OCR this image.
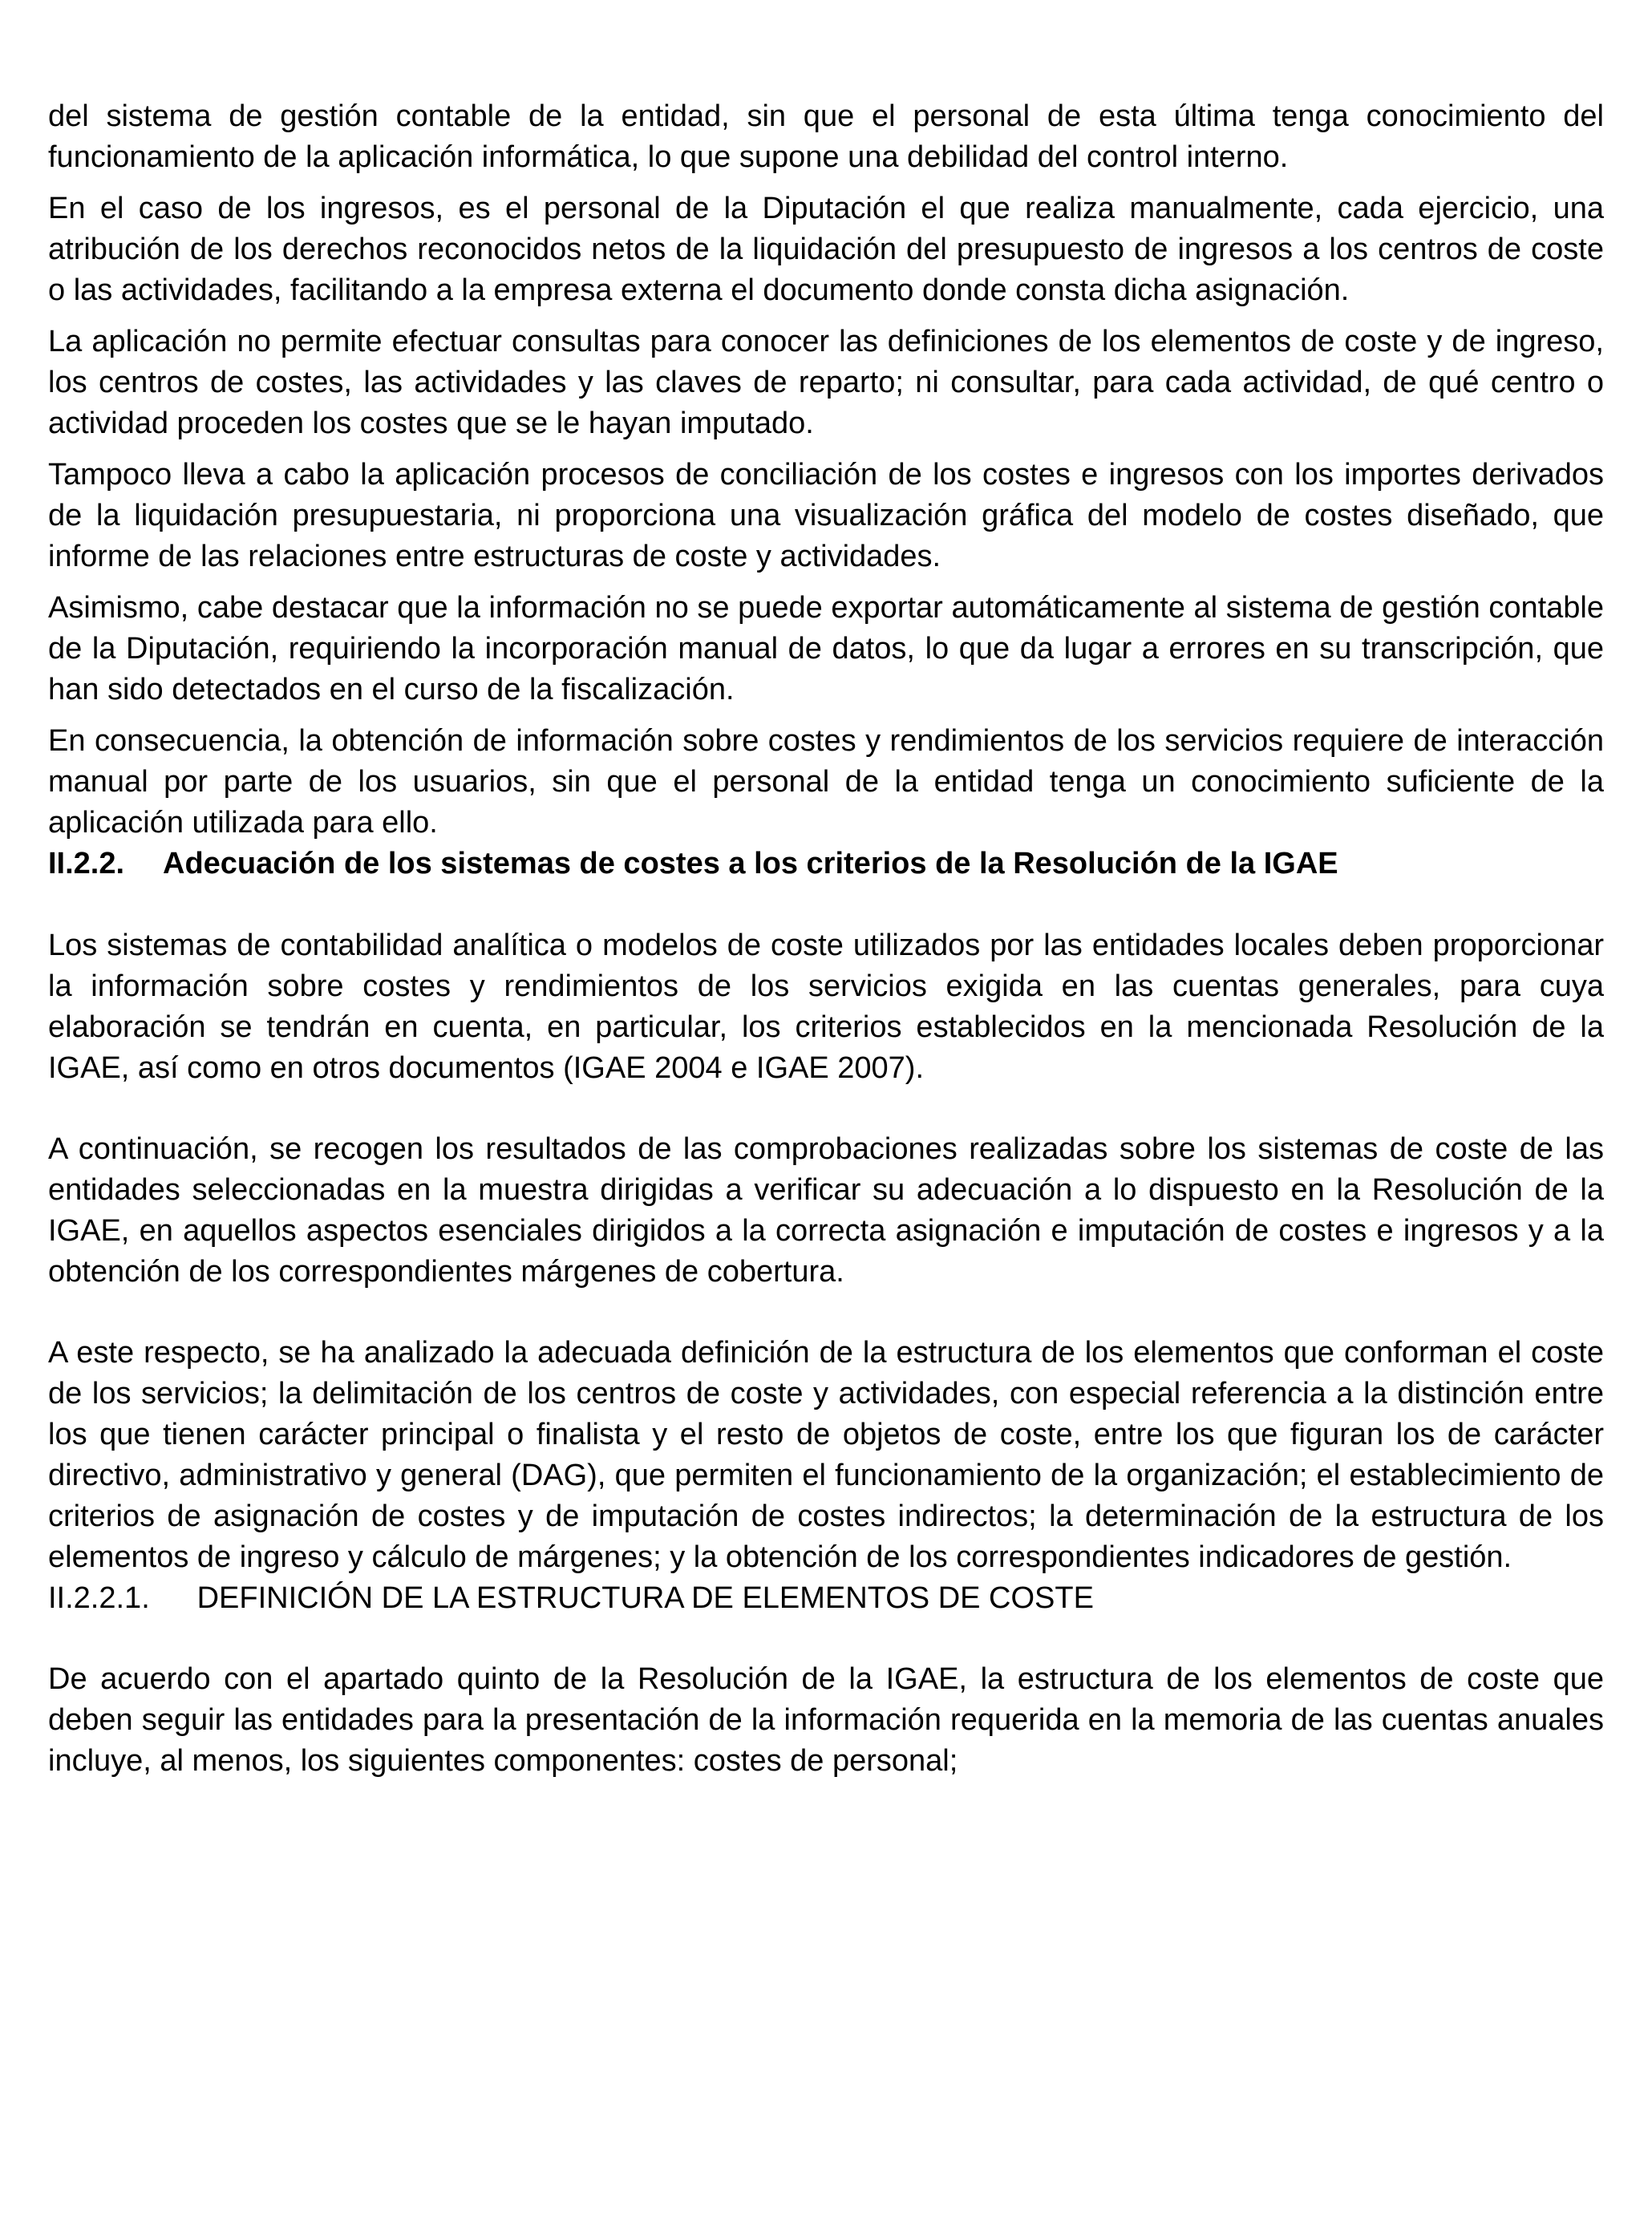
del sistema de gestión contable de la entidad, sin que el personal de esta última tenga conocimiento del funcionamiento de la aplicación informática, lo que supone una debilidad del control interno.

En el caso de los ingresos, es el personal de la Diputación el que realiza manualmente, cada ejercicio, una atribución de los derechos reconocidos netos de la liquidación del presupuesto de ingresos a los centros de coste o las actividades, facilitando a la empresa externa el documento donde consta dicha asignación.

La aplicación no permite efectuar consultas para conocer las definiciones de los elementos de coste y de ingreso, los centros de costes, las actividades y las claves de reparto; ni consultar, para cada actividad, de qué centro o actividad proceden los costes que se le hayan imputado.

Tampoco lleva a cabo la aplicación procesos de conciliación de los costes e ingresos con los importes derivados de la liquidación presupuestaria, ni proporciona una visualización gráfica del modelo de costes diseñado, que informe de las relaciones entre estructuras de coste y actividades.

Asimismo, cabe destacar que la información no se puede exportar automáticamente al sistema de gestión contable de la Diputación, requiriendo la incorporación manual de datos, lo que da lugar a errores en su transcripción, que han sido detectados en el curso de la fiscalización.

En consecuencia, la obtención de información sobre costes y rendimientos de los servicios requiere de interacción manual por parte de los usuarios, sin que el personal de la entidad tenga un conocimiento suficiente de la aplicación utilizada para ello.

II.2.2.	Adecuación de los sistemas de costes a los criterios de la Resolución de la IGAE

Los sistemas de contabilidad analítica o modelos de coste utilizados por las entidades locales deben proporcionar la información sobre costes y rendimientos de los servicios exigida en las cuentas generales, para cuya elaboración se tendrán en cuenta, en particular, los criterios establecidos en la mencionada Resolución de la IGAE, así como en otros documentos (IGAE 2004 e IGAE 2007).

A continuación, se recogen los resultados de las comprobaciones realizadas sobre los sistemas de coste de las entidades seleccionadas en la muestra dirigidas a verificar su adecuación a lo dispuesto en la Resolución de la IGAE, en aquellos aspectos esenciales dirigidos a la correcta asignación e imputación de costes e ingresos y a la obtención de los correspondientes márgenes de cobertura.

A este respecto, se ha analizado la adecuada definición de la estructura de los elementos que conforman el coste de los servicios; la delimitación de los centros de coste y actividades, con especial referencia a la distinción entre los que tienen carácter principal o finalista y el resto de objetos de coste, entre los que figuran los de carácter directivo, administrativo y general (DAG), que permiten el funcionamiento de la organización; el establecimiento de criterios de asignación de costes y de imputación de costes indirectos; la determinación de la estructura de los elementos de ingreso y cálculo de márgenes; y la obtención de los correspondientes indicadores de gestión.

II.2.2.1. DEFINICIÓN DE LA ESTRUCTURA DE ELEMENTOS DE COSTE

De acuerdo con el apartado quinto de la Resolución de la IGAE, la estructura de los elementos de coste que deben seguir las entidades para la presentación de la información requerida en la memoria de las cuentas anuales incluye, al menos, los siguientes componentes: costes de personal;
